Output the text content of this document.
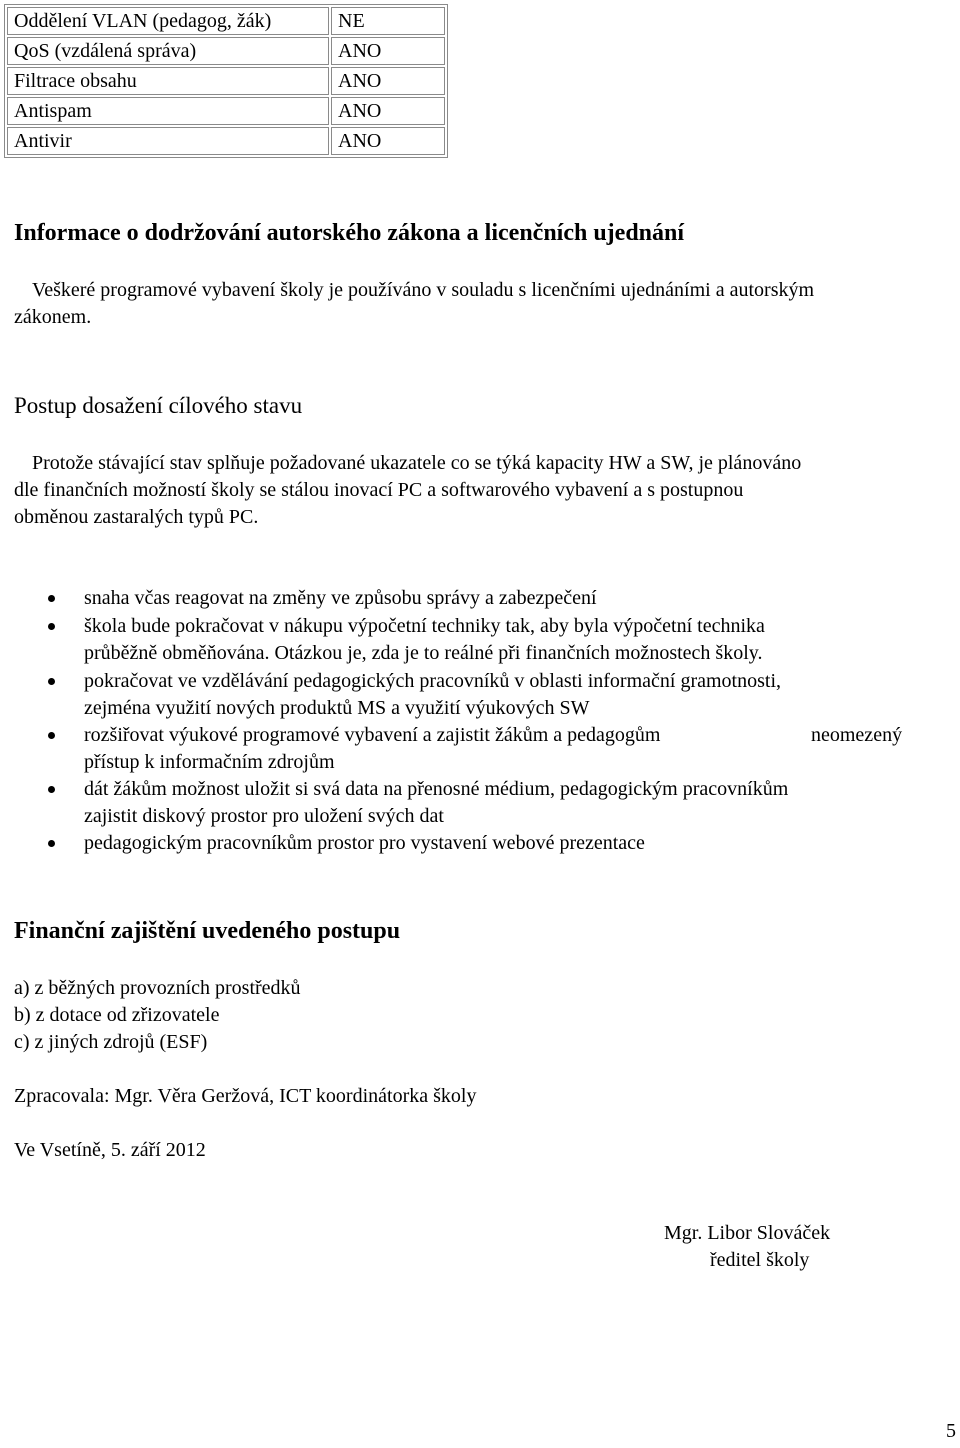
Oddělení VLAN (pedagog, žák)	NE
QoS (vzdálená správa)	ANO
Filtrace obsahu	ANO
Antispam	ANO
Antivir	ANO
Informace o dodržování autorského zákona a licenčních ujednání
Veškeré programové vybavení školy je používáno v souladu s licenčními ujednáními a autorským
zákonem.
Postup dosažení cílového stavu
Protože stávající stav splňuje požadované ukazatele co se týká kapacity HW a SW, je plánováno
dle finančních možností školy se stálou inovací PC a softwarového vybavení a s postupnou
obměnou zastaralých typů PC.
snaha včas reagovat na změny ve způsobu správy a zabezpečení
škola bude pokračovat v nákupu výpočetní techniky tak, aby byla výpočetní technika
průběžně obměňována. Otázkou je, zda je to reálné při finančních možnostech školy.
pokračovat ve vzdělávání pedagogických pracovníků v oblasti informační gramotnosti,
zejména využití nových produktů MS a využití výukových SW
rozšiřovat výukové programové vybavení a zajistit žákům a pedagogům	neomezený
přístup k informačním zdrojům
dát žákům možnost uložit si svá data na přenosné médium, pedagogickým pracovníkům
zajistit diskový prostor pro uložení svých dat
pedagogickým pracovníkům prostor pro vystavení webové prezentace
Finanční zajištění uvedeného postupu
a) z běžných provozních prostředků
b) z dotace od zřizovatele
c) z jiných zdrojů (ESF)
Zpracovala: Mgr. Věra Geržová, ICT koordinátorka školy
Ve Vsetíně, 5. září 2012
Mgr. Libor Slováček
ředitel školy
5
